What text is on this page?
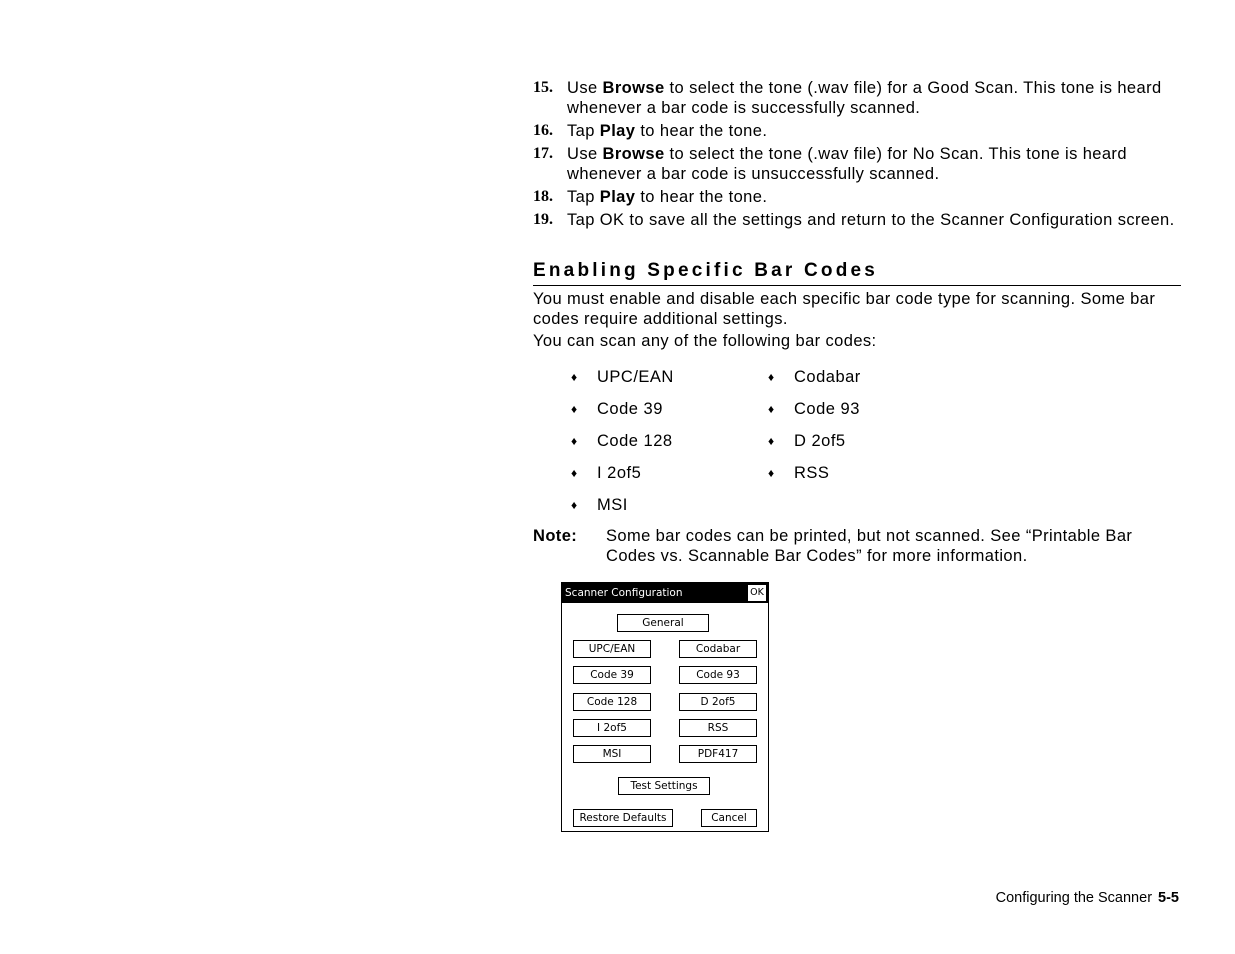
15. Use Browse to select the tone (.wav file) for a Good Scan. This tone is heard whenever a bar code is successfully scanned.
16. Tap Play to hear the tone.
17. Use Browse to select the tone (.wav file) for No Scan. This tone is heard whenever a bar code is unsuccessfully scanned.
18. Tap Play to hear the tone.
19. Tap OK to save all the settings and return to the Scanner Configuration screen.
Enabling Specific Bar Codes
You must enable and disable each specific bar code type for scanning. Some bar codes require additional settings.
You can scan any of the following bar codes:
♦ UPC/EAN
♦ Code 39
♦ Code 128
♦ I 2of5
♦ MSI
♦ Codabar
♦ Code 93
♦ D 2of5
♦ RSS
Note: Some bar codes can be printed, but not scanned. See “Printable Bar Codes vs. Scannable Bar Codes” for more information.
Scanner Configuration	OK
General
UPC/EAN
Code 39
Code 128
I 2of5
MSI
Codabar
Code 93
D 2of5
RSS
PDF417
Test Settings
Restore Defaults	Cancel
Configuring the Scanner 5-5
